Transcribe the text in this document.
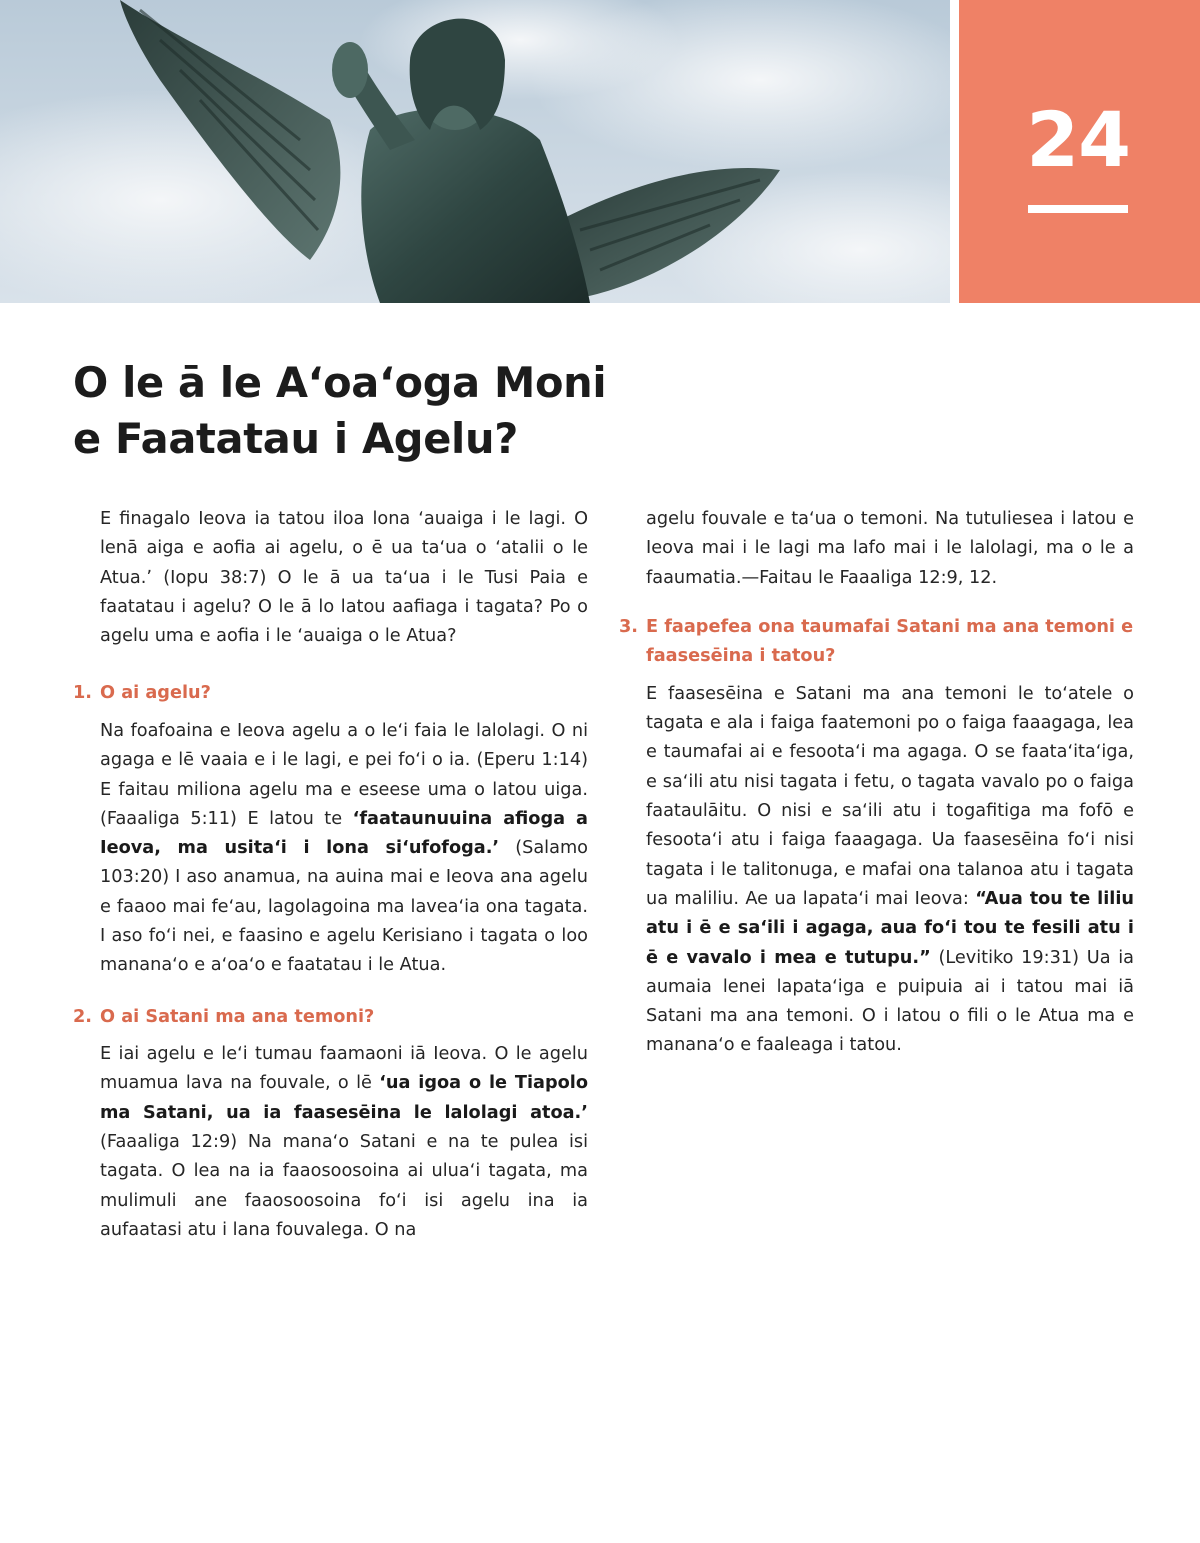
24
O le ā le Aʻoaʻoga Moni
e Faatatau i Agelu?

E finagalo Ieova ia tatou iloa lona ʻauaiga i le lagi. O lenā aiga e aofia ai agelu, o ē ua taʻua o ʻatalii o le Atua.ʼ (Iopu 38:7) O le ā ua taʻua i le Tusi Paia e faatatau i agelu? O le ā lo latou aafiaga i tagata? Po o agelu uma e aofia i le ʻauaiga o le Atua?

1. O ai agelu?

Na foafoaina e Ieova agelu a o leʻi faia le lalolagi. O ni agaga e lē vaaia e i le lagi, e pei foʻi o ia. (Eperu 1:14) E faitau miliona agelu ma e eseese uma o latou uiga. (Faaaliga 5:11) E latou te ʻfaataunuuina afioga a Ieova, ma usitaʻi i lona siʻufofoga.ʼ (Salamo 103:20) I aso anamua, na auina mai e Ieova ana agelu e faaoo mai feʻau, lagolagoina ma laveaʻia ona tagata. I aso foʻi nei, e faasino e agelu Kerisiano i tagata o loo mananaʻo e aʻoaʻo e faatatau i le Atua.

2. O ai Satani ma ana temoni?

E iai agelu e leʻi tumau faamaoni iā Ieova. O le agelu muamua lava na fouvale, o lē ʻua igoa o le Tiapolo ma Satani, ua ia faasesēina le lalolagi atoa.ʼ (Faaaliga 12:9) Na manaʻo Satani e na te pulea isi tagata. O lea na ia faaosoosoina ai uluaʻi tagata, ma mulimuli ane faaosoosoina foʻi isi agelu ina ia aufaatasi atu i lana fouvalega. O na

agelu fouvale e taʻua o temoni. Na tutuliesea i latou e Ieova mai i le lagi ma lafo mai i le lalolagi, ma o le a faaumatia.—Faitau le Faaaliga 12:9, 12.

3. E faapefea ona taumafai Satani ma ana temoni e faasesēina i tatou?

E faasesēina e Satani ma ana temoni le toʻatele o tagata e ala i faiga faatemoni po o faiga faaagaga, lea e taumafai ai e fesootaʻi ma agaga. O se faataʻitaʻiga, e saʻili atu nisi tagata i fetu, o tagata vavalo po o faiga faataulāitu. O nisi e saʻili atu i togafitiga ma fofō e fesootaʻi atu i faiga faaagaga. Ua faasesēina foʻi nisi tagata i le talitonuga, e mafai ona talanoa atu i tagata ua maliliu. Ae ua lapataʻi mai Ieova: “Aua tou te liliu atu i ē e saʻili i agaga, aua foʻi tou te fesili atu i ē e vavalo i mea e tutupu.” (Levitiko 19:31) Ua ia aumaia lenei lapataʻiga e puipuia ai i tatou mai iā Satani ma ana temoni. O i latou o fili o le Atua ma e mananaʻo e faaleaga i tatou.
